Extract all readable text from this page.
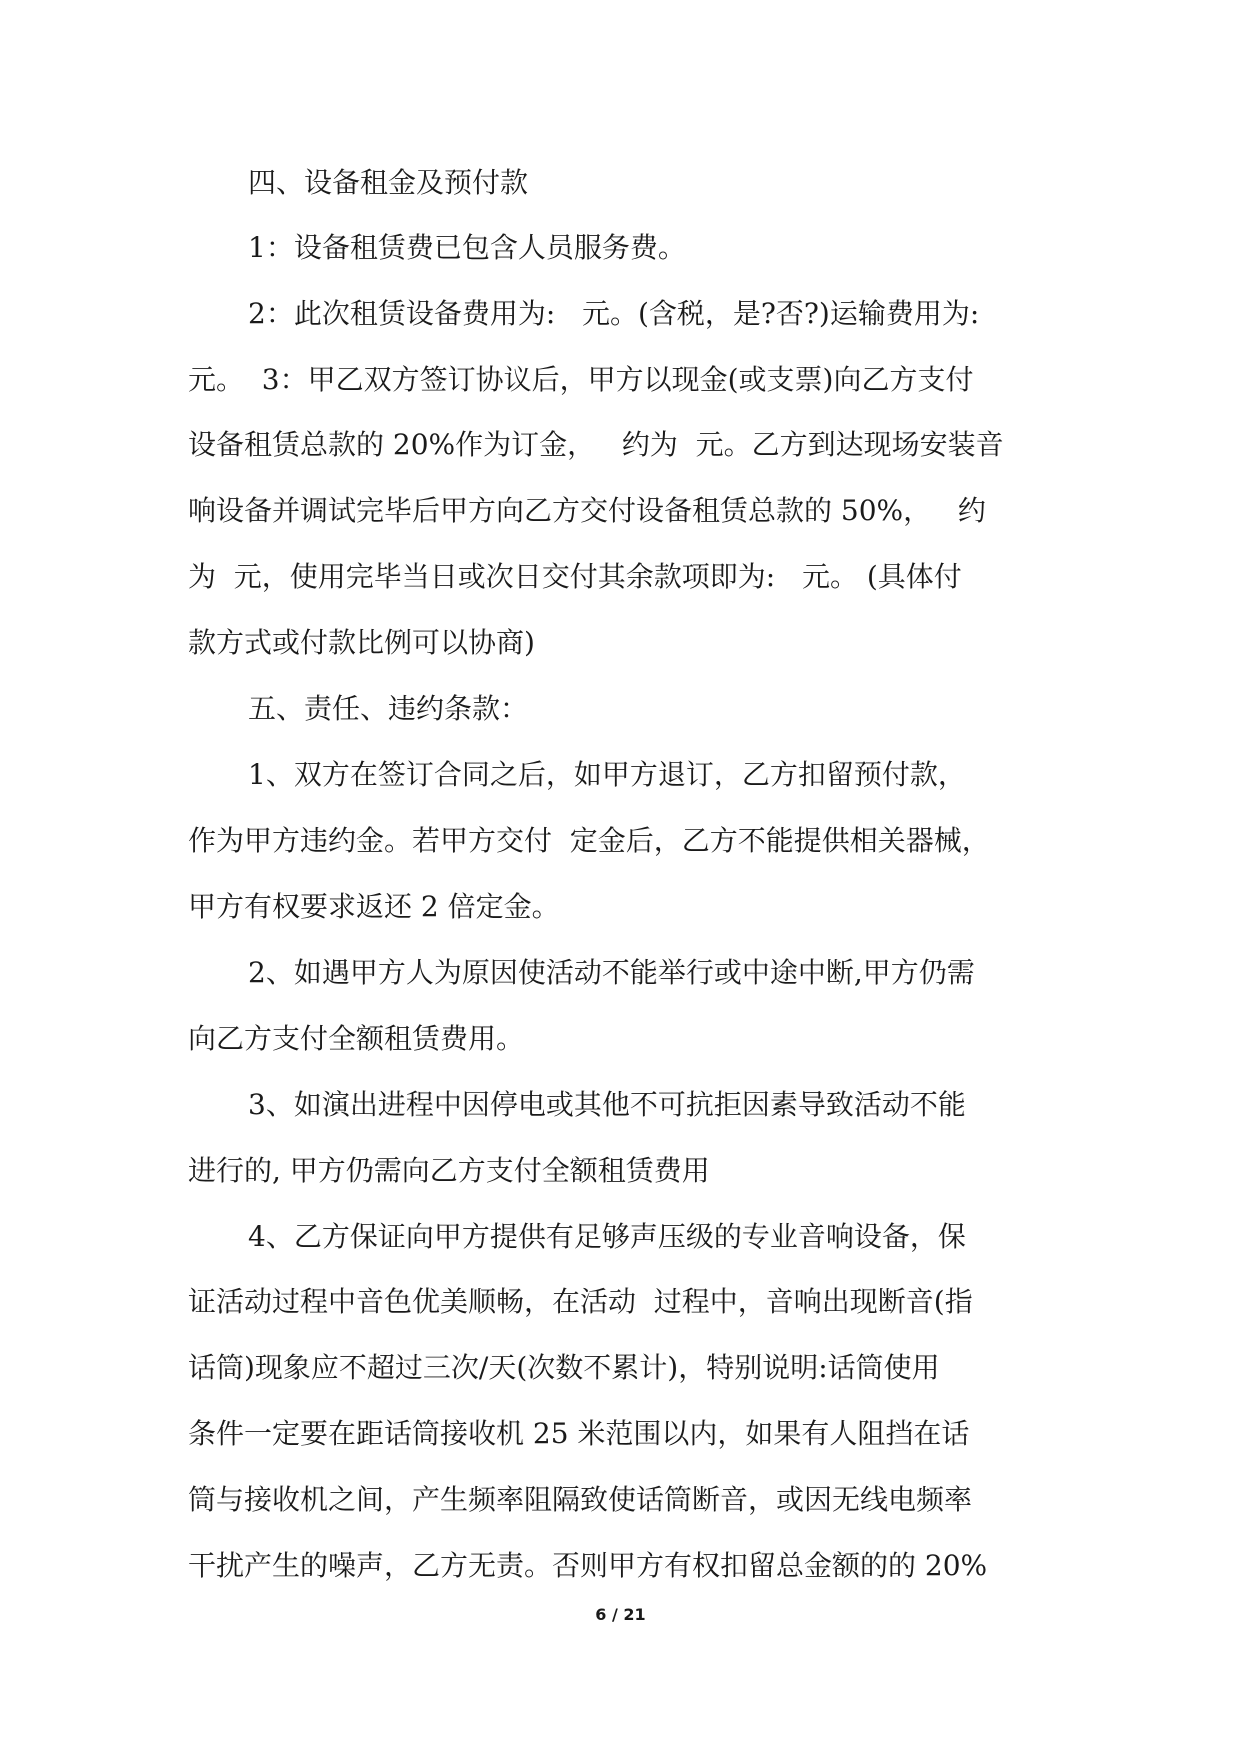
四、设备租金及预付款
1：设备租赁费已包含人员服务费。
2：此次租赁设备费用为:   元。(含税，是?否?)运输费用为:
元。  3：甲乙双方签订协议后，甲方以现金(或支票)向乙方支付
设备租赁总款的 20%作为订金，   约为  元。乙方到达现场安装音
响设备并调试完毕后甲方向乙方交付设备租赁总款的 50%，   约
为  元，使用完毕当日或次日交付其余款项即为:   元。 (具体付
款方式或付款比例可以协商)
五、责任、违约条款：
1、双方在签订合同之后，如甲方退订，乙方扣留预付款，
作为甲方违约金。若甲方交付  定金后，乙方不能提供相关器械，
甲方有权要求返还 2 倍定金。
2、如遇甲方人为原因使活动不能举行或中途中断,甲方仍需
向乙方支付全额租赁费用。
3、如演出进程中因停电或其他不可抗拒因素导致活动不能
进行的, 甲方仍需向乙方支付全额租赁费用
4、乙方保证向甲方提供有足够声压级的专业音响设备，保
证活动过程中音色优美顺畅，在活动  过程中，音响出现断音(指
话筒)现象应不超过三次/天(次数不累计)，特别说明:话筒使用
条件一定要在距话筒接收机 25 米范围以内，如果有人阻挡在话
筒与接收机之间，产生频率阻隔致使话筒断音，或因无线电频率
干扰产生的噪声，乙方无责。否则甲方有权扣留总金额的的 20%
6 / 21
